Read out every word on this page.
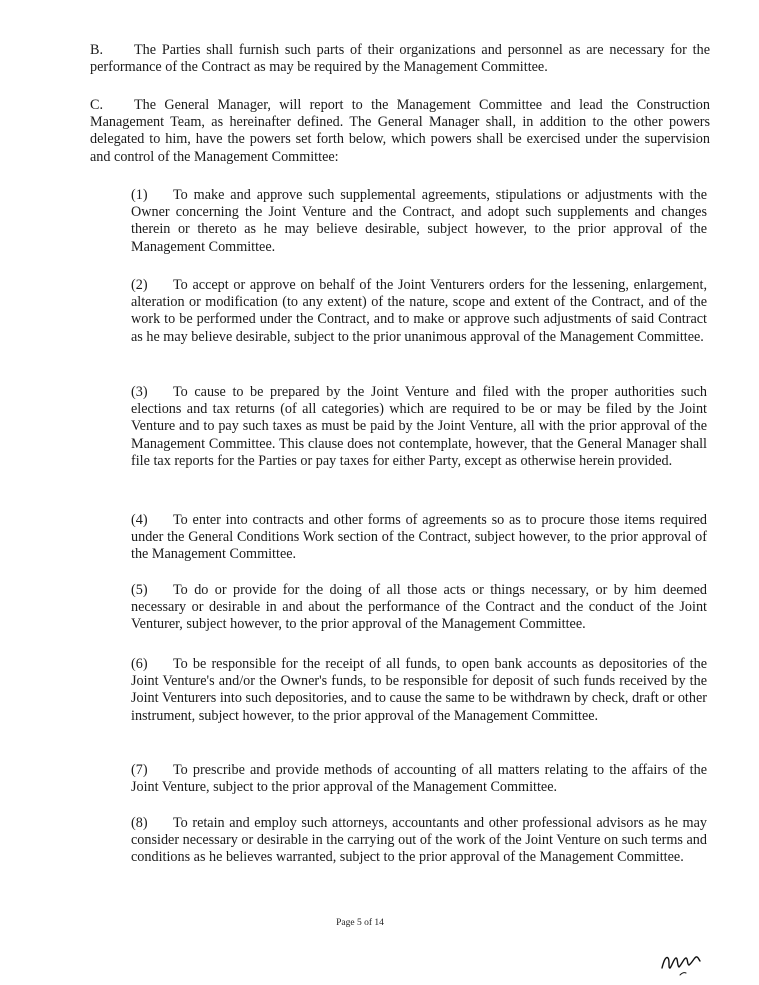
B. The Parties shall furnish such parts of their organizations and personnel as are necessary for the performance of the Contract as may be required by the Management Committee.

C. The General Manager, will report to the Management Committee and lead the Construction Management Team, as hereinafter defined. The General Manager shall, in addition to the other powers delegated to him, have the powers set forth below, which powers shall be exercised under the supervision and control of the Management Committee:

(1) To make and approve such supplemental agreements, stipulations or adjustments with the Owner concerning the Joint Venture and the Contract, and adopt such supplements and changes therein or thereto as he may believe desirable, subject however, to the prior approval of the Management Committee.

(2) To accept or approve on behalf of the Joint Venturers orders for the lessening, enlargement, alteration or modification (to any extent) of the nature, scope and extent of the Contract, and of the work to be performed under the Contract, and to make or approve such adjustments of said Contract as he may believe desirable, subject to the prior unanimous approval of the Management Committee.

(3) To cause to be prepared by the Joint Venture and filed with the proper authorities such elections and tax returns (of all categories) which are required to be or may be filed by the Joint Venture and to pay such taxes as must be paid by the Joint Venture, all with the prior approval of the Management Committee. This clause does not contemplate, however, that the General Manager shall file tax reports for the Parties or pay taxes for either Party, except as otherwise herein provided.

(4) To enter into contracts and other forms of agreements so as to procure those items required under the General Conditions Work section of the Contract, subject however, to the prior approval of the Management Committee.

(5) To do or provide for the doing of all those acts or things necessary, or by him deemed necessary or desirable in and about the performance of the Contract and the conduct of the Joint Venturer, subject however, to the prior approval of the Management Committee.

(6) To be responsible for the receipt of all funds, to open bank accounts as depositories of the Joint Venture's and/or the Owner's funds, to be responsible for deposit of such funds received by the Joint Venturers into such depositories, and to cause the same to be withdrawn by check, draft or other instrument, subject however, to the prior approval of the Management Committee.

(7) To prescribe and provide methods of accounting of all matters relating to the affairs of the Joint Venture, subject to the prior approval of the Management Committee.

(8) To retain and employ such attorneys, accountants and other professional advisors as he may consider necessary or desirable in the carrying out of the work of the Joint Venture on such terms and conditions as he believes warranted, subject to the prior approval of the Management Committee.

Page 5 of 14
